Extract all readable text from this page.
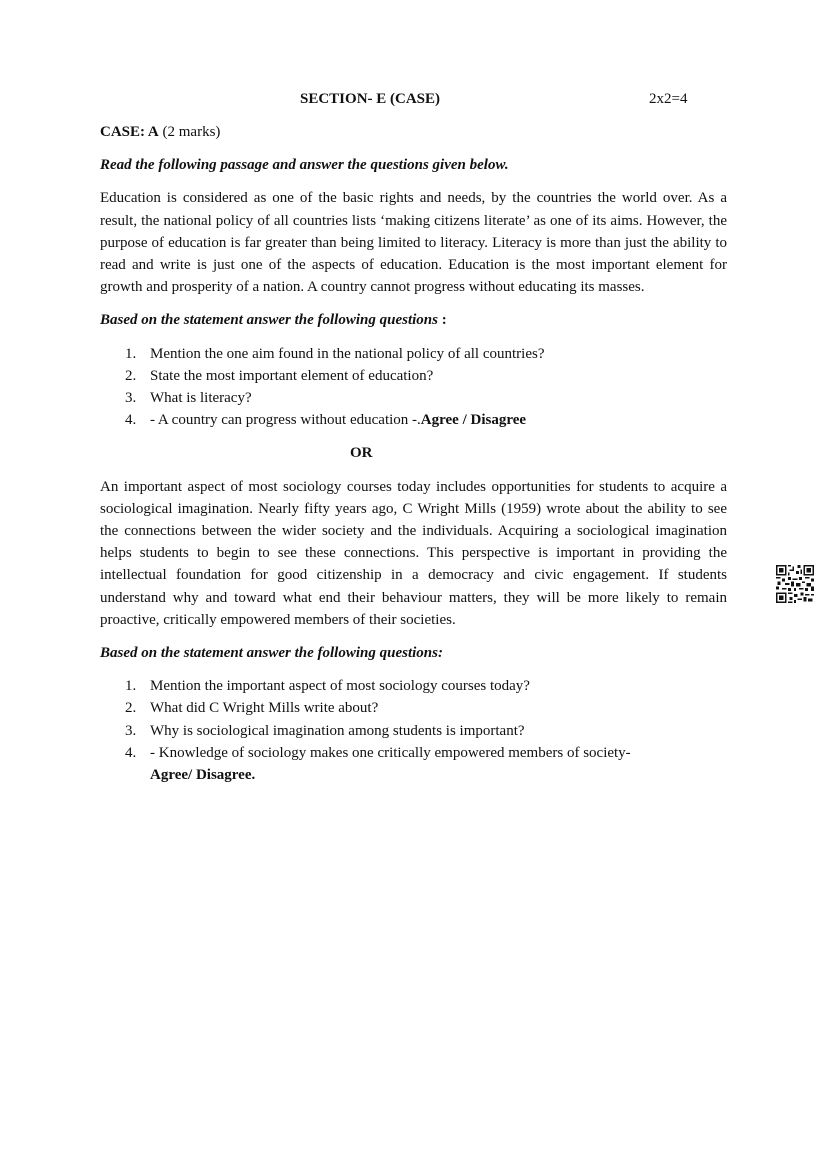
SECTION- E (CASE)	2x2=4
CASE: A (2 marks)
Read the following passage and answer the questions given below.
Education is considered as one of the basic rights and needs, by the countries the world over. As a result, the national policy of all countries lists ‘making citizens literate’ as one of its aims. However, the purpose of education is far greater than being limited to literacy. Literacy is more than just the ability to read and write is just one of the aspects of education. Education is the most important element for growth and prosperity of a nation. A country cannot progress without educating its masses.
Based on the statement answer the following questions :
1. Mention the one aim found in the national policy of all countries?
2. State the most important element of education?
3. What is literacy?
4. - A country can progress without education -.Agree / Disagree
OR
An important aspect of most sociology courses today includes opportunities for students to acquire a sociological imagination. Nearly fifty years ago, C Wright Mills (1959) wrote about the ability to see the connections between the wider society and the individuals. Acquiring a sociological imagination helps students to begin to see these connections. This perspective is important in providing the intellectual foundation for good citizenship in a democracy and civic engagement. If students understand why and toward what end their behaviour matters, they will be more likely to remain proactive, critically empowered members of their societies.
Based on the statement answer the following questions:
1. Mention the important aspect of most sociology courses today?
2. What did C Wright Mills write about?
3. Why is sociological imagination among students is important?
4. - Knowledge of sociology makes one critically empowered members of society-
Agree/ Disagree.
